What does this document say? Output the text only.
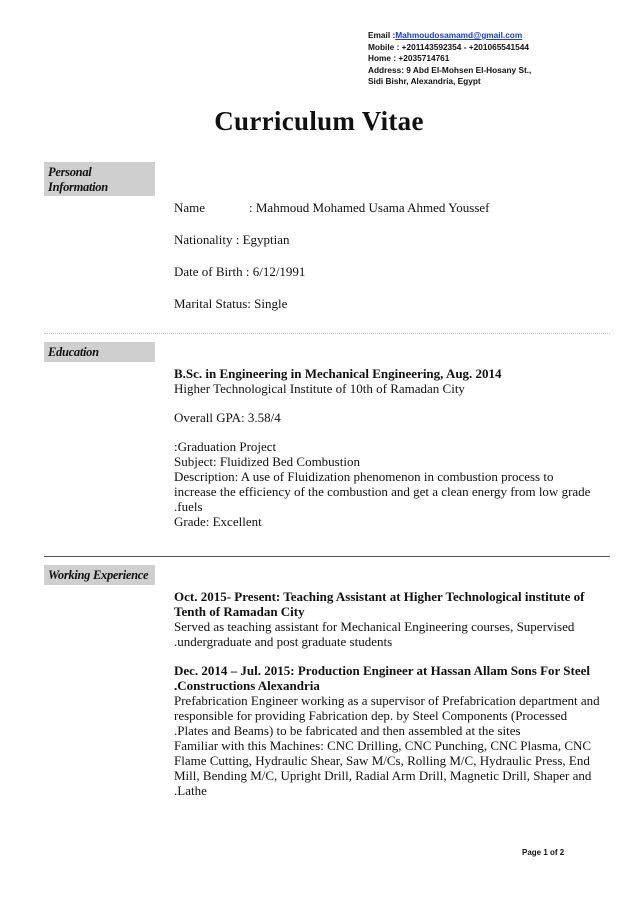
Email :Mahmoudosamamd@gmail.com
Mobile : +201143592354 - +201065541544
Home : +2035714761
Address: 9 Abd El-Mohsen El-Hosany St.,
Sidi Bishr, Alexandria, Egypt
Curriculum Vitae
Personal
Information
Name	: Mahmoud Mohamed Usama Ahmed Youssef
Nationality : Egyptian
Date of Birth : 6/12/1991
Marital Status: Single
Education
B.Sc. in Engineering in Mechanical Engineering, Aug. 2014
Higher Technological Institute of 10th of Ramadan City
Overall GPA: 3.58/4
:Graduation Project
Subject: Fluidized Bed Combustion
Description: A use of Fluidization phenomenon in combustion process to
increase the efficiency of the combustion and get a clean energy from low grade
.fuels
Grade: Excellent
Working Experience
Oct. 2015- Present: Teaching Assistant at Higher Technological institute of
Tenth of Ramadan City
Served as teaching assistant for Mechanical Engineering courses, Supervised
.undergraduate and post graduate students
Dec. 2014 – Jul. 2015: Production Engineer at Hassan Allam Sons For Steel
.Constructions Alexandria
Prefabrication Engineer working as a supervisor of Prefabrication department and
responsible for providing Fabrication dep. by Steel Components (Processed
.Plates and Beams) to be fabricated and then assembled at the sites
Familiar with this Machines: CNC Drilling, CNC Punching, CNC Plasma, CNC
Flame Cutting, Hydraulic Shear, Saw M/Cs, Rolling M/C, Hydraulic Press, End
Mill, Bending M/C, Upright Drill, Radial Arm Drill, Magnetic Drill, Shaper and
.Lathe
Page 1 of 2
